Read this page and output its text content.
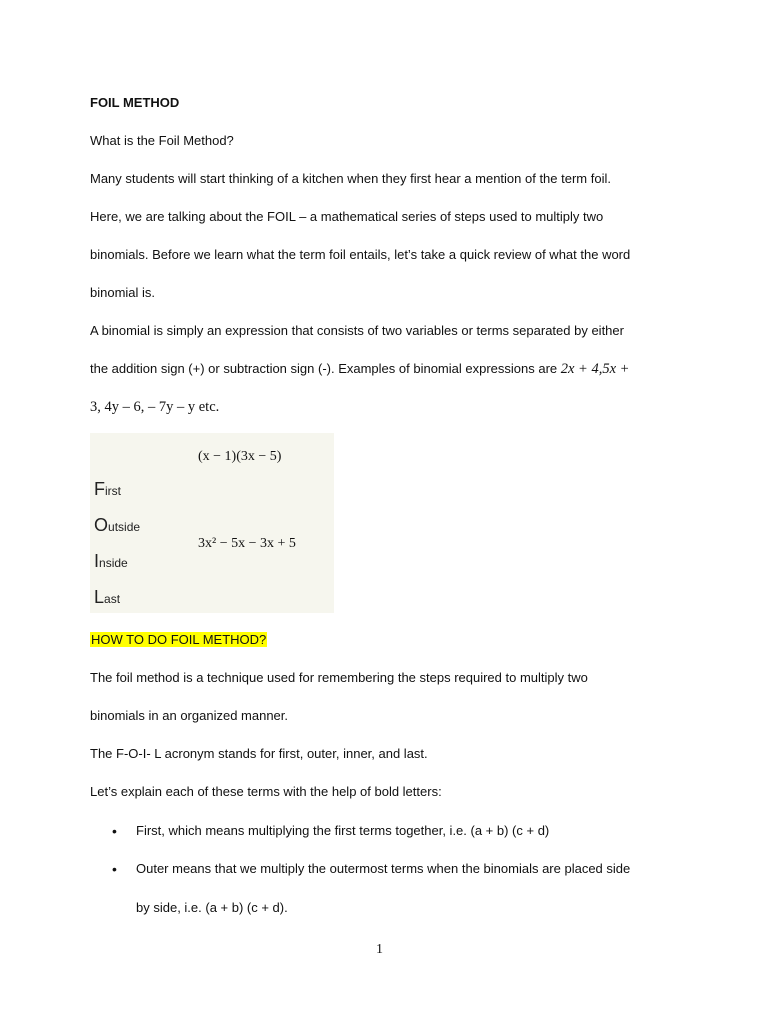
FOIL METHOD
What is the Foil Method?
Many students will start thinking of a kitchen when they first hear a mention of the term foil.
Here, we are talking about the FOIL – a mathematical series of steps used to multiply two
binomials. Before we learn what the term foil entails, let’s take a quick review of what the word
binomial is.
A binomial is simply an expression that consists of two variables or terms separated by either
the addition sign (+) or subtraction sign (-). Examples of binomial expressions are 2x + 4,5x +
3, 4y – 6, – 7y – y etc.
(x − 1)(3x − 5)
First
Outside
3x² − 5x − 3x + 5
Inside
Last
HOW TO DO FOIL METHOD?
The foil method is a technique used for remembering the steps required to multiply two
binomials in an organized manner.
The F-O-I- L acronym stands for first, outer, inner, and last.
Let’s explain each of these terms with the help of bold letters:
• First, which means multiplying the first terms together, i.e. (a + b) (c + d)
• Outer means that we multiply the outermost terms when the binomials are placed side
by side, i.e. (a + b) (c + d).
1
